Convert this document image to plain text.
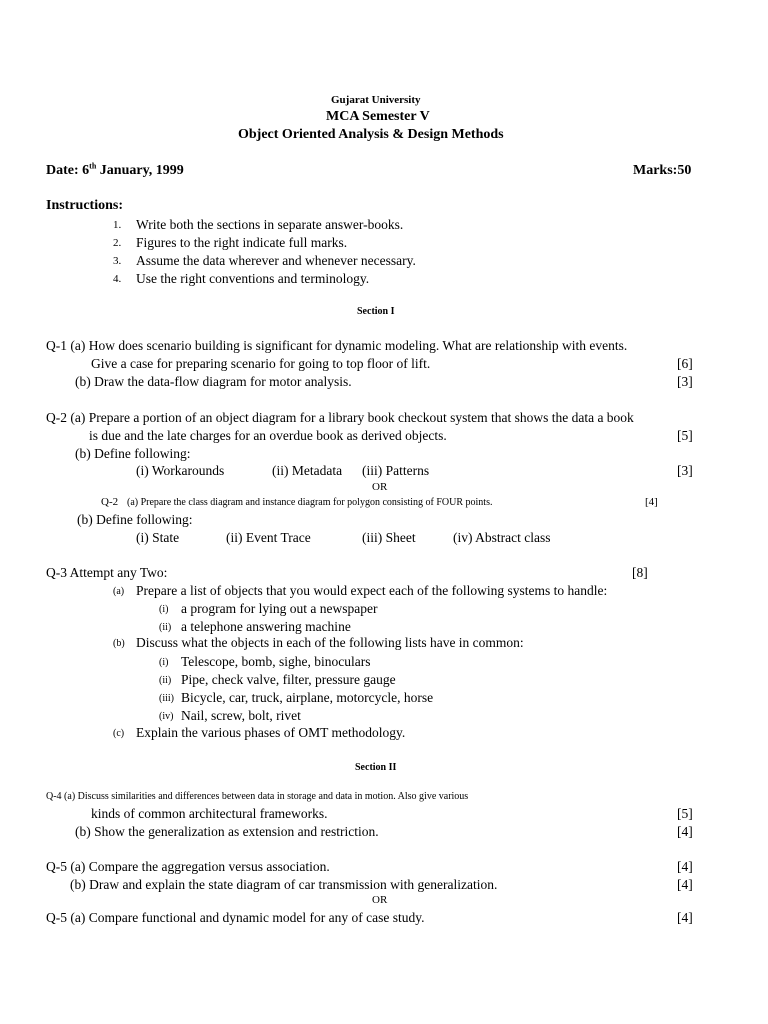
Gujarat University
MCA Semester V
Object Oriented Analysis & Design Methods
Date: 6th January, 1999	Marks:50
Instructions:
1. Write both the sections in separate answer-books.
2. Figures to the right indicate full marks.
3. Assume the data wherever and whenever necessary.
4. Use the right conventions and terminology.
Section I
Q-1 (a) How does scenario building is significant for dynamic modeling. What are relationship with events.
Give a case for preparing scenario for going to top floor of lift.	[6]
(b) Draw the data-flow diagram for motor analysis.	[3]
Q-2 (a) Prepare a portion of an object diagram for a library book checkout system that shows the data a book
is due and the late charges for an overdue book as derived objects.	[5]
(b) Define following:
(i) Workarounds	(ii) Metadata (iii) Patterns	[3]
OR
Q-2 (a) Prepare the class diagram and instance diagram for polygon consisting of FOUR points.	[4]
(b) Define following:
(i) State	(ii) Event Trace	(iii) Sheet	(iv) Abstract class
Q-3 Attempt any Two:	[8]
(a) Prepare a list of objects that you would expect each of the following systems to handle:
(i) a program for lying out a newspaper
(ii) a telephone answering machine
(b) Discuss what the objects in each of the following lists have in common:
(i) Telescope, bomb, sighe, binoculars
(ii) Pipe, check valve, filter, pressure gauge
(iii) Bicycle, car, truck, airplane, motorcycle, horse
(iv) Nail, screw, bolt, rivet
(c) Explain the various phases of OMT methodology.
Section II
Q-4 (a) Discuss similarities and differences between data in storage and data in motion. Also give various
kinds of common architectural frameworks.	[5]
(b) Show the generalization as extension and restriction.	[4]
Q-5 (a) Compare the aggregation versus association.	[4]
(b) Draw and explain the state diagram of car transmission with generalization.	[4]
OR
Q-5 (a) Compare functional and dynamic model for any of case study.	[4]
